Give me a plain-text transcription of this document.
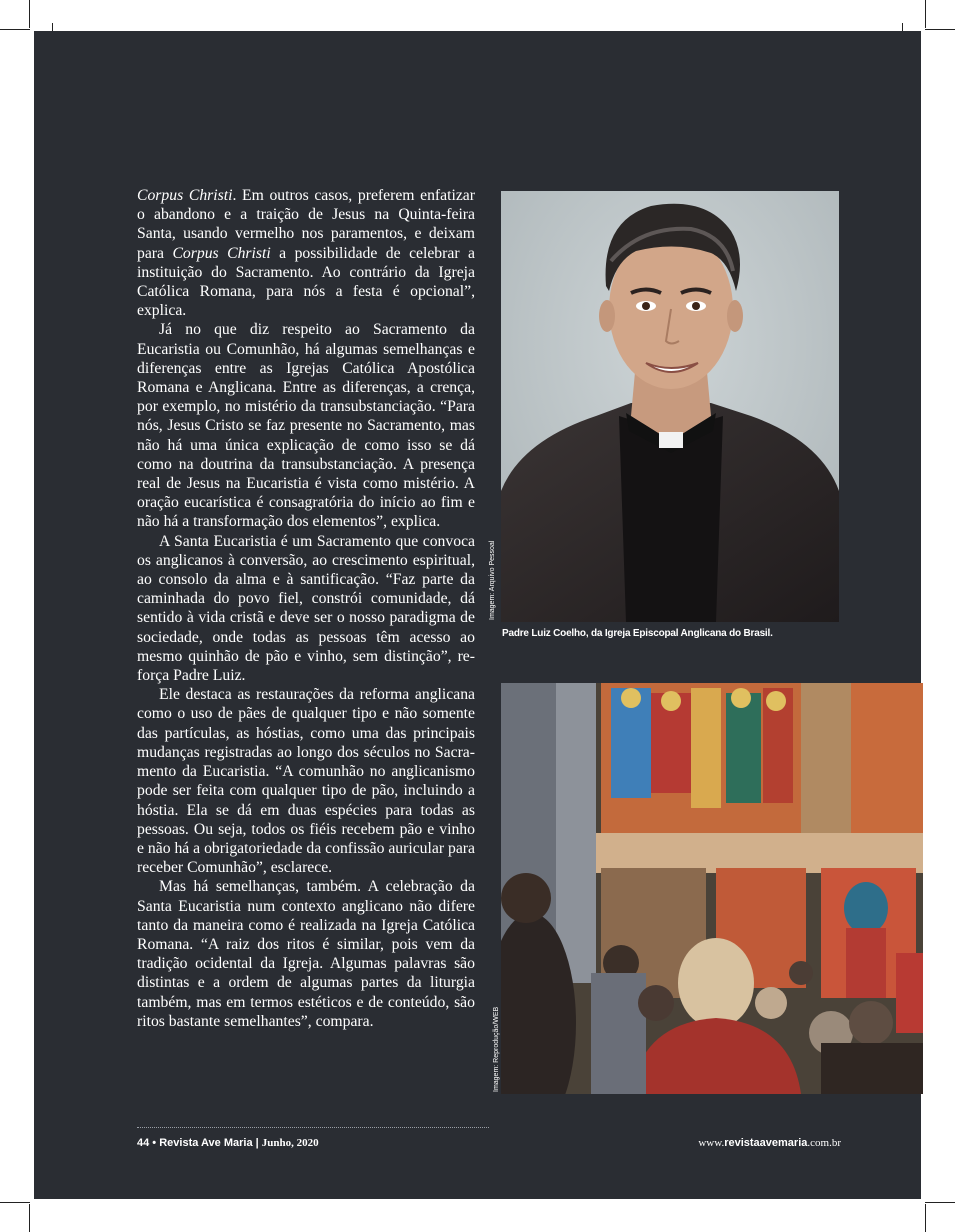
Corpus Christi. Em outros casos, preferem enfatizar o abandono e a traição de Jesus na Quinta-feira Santa, usando vermelho nos paramentos, e deixam para Corpus Christi a possibilidade de celebrar a instituição do Sacramento. Ao contrário da Igreja Católica Romana, para nós a festa é opcional”, explica.

Já no que diz respeito ao Sacramento da Eucaristia ou Comunhão, há algumas semelhanças e diferenças entre as Igrejas Católica Apostólica Romana e Anglicana. Entre as diferenças, a crença, por exemplo, no mistério da transubstanciação. “Para nós, Jesus Cristo se faz presente no Sacramento, mas não há uma única explicação de como isso se dá como na doutrina da transubstanciação. A presença real de Jesus na Eucaristia é vista como mistério. A oração eucarística é consagratória do início ao fim e não há a transformação dos elementos”, explica.

A Santa Eucaristia é um Sacramento que convoca os anglicanos à conversão, ao crescimento espiritual, ao consolo da alma e à santificação. “Faz parte da caminhada do povo fiel, constrói comunidade, dá sentido à vida cristã e deve ser o nosso paradigma de sociedade, onde todas as pessoas têm acesso ao mesmo quinhão de pão e vinho, sem distinção”, reforça Padre Luiz.

Ele destaca as restaurações da reforma anglicana como o uso de pães de qualquer tipo e não somente das partículas, as hóstias, como uma das principais mudanças registradas ao longo dos séculos no Sacramento da Eucaristia. “A comunhão no anglicanismo pode ser feita com qualquer tipo de pão, incluindo a hóstia. Ela se dá em duas espécies para todas as pessoas. Ou seja, todos os fiéis recebem pão e vinho e não há a obrigatoriedade da confissão auricular para receber Comunhão”, esclarece.

Mas há semelhanças, também. A celebração da Santa Eucaristia num contexto anglicano não difere tanto da maneira como é realizada na Igreja Católica Romana. “A raiz dos ritos é similar, pois vem da tradição ocidental da Igreja. Algumas palavras são distintas e a ordem de algumas partes da liturgia também, mas em termos estéticos e de conteúdo, são ritos bastante semelhantes”, compara.

Imagem: Arquivo Pessoal
Padre Luiz Coelho, da Igreja Episcopal Anglicana do Brasil.
Imagem: Reprodução/WEB
44 • Revista Ave Maria | Junho, 2020	www.revistaavemaria.com.br
